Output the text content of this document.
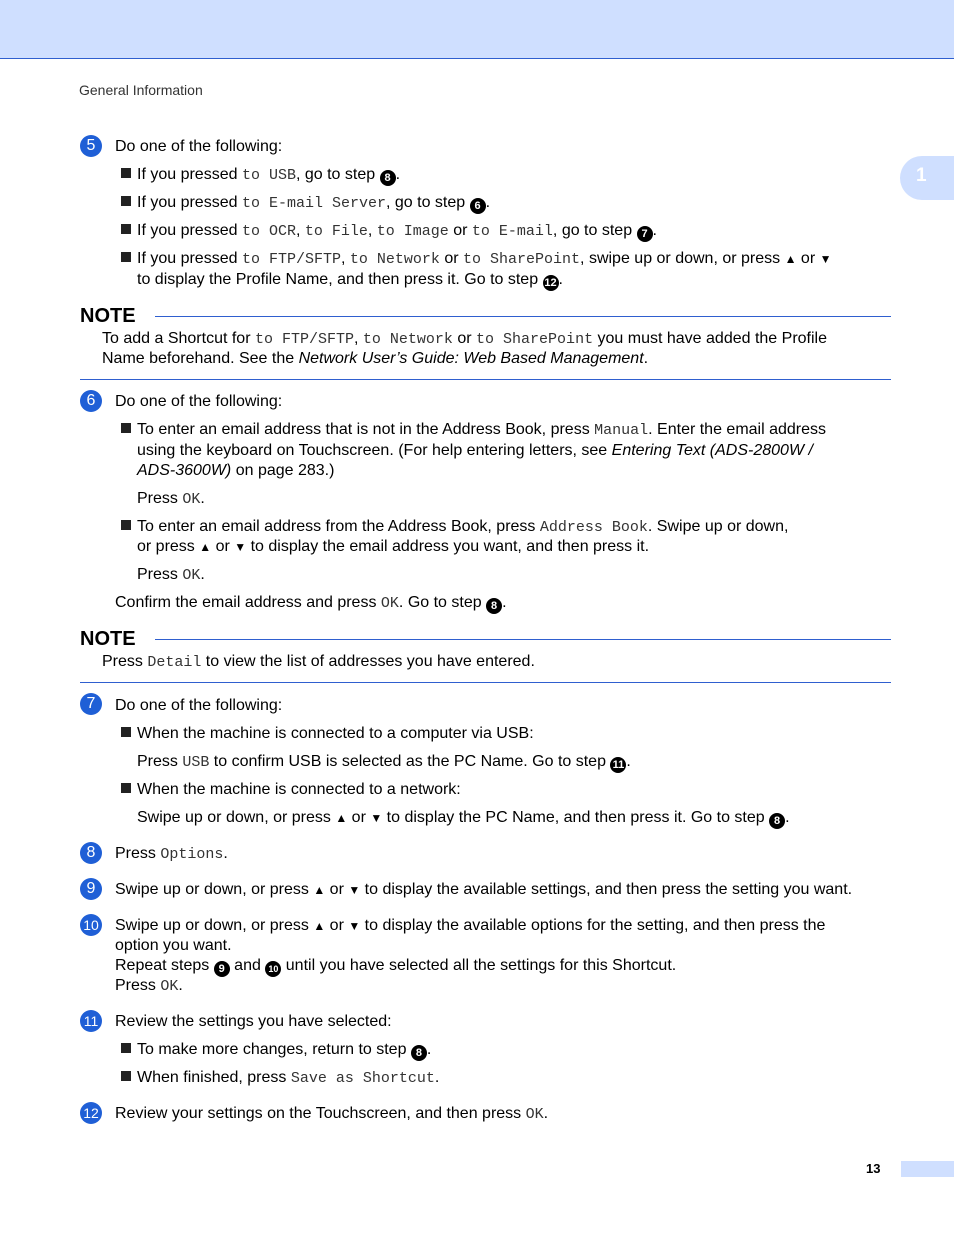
General Information
1
5	Do one of the following:
If you pressed to USB, go to step 8 .
If you pressed to E-mail Server, go to step 6 .
If you pressed to OCR, to File, to Image or to E-mail, go to step 7 .
If you pressed to FTP/SFTP, to Network or to SharePoint, swipe up or down, or press ▲ or ▼
to display the Profile Name, and then press it. Go to step 12 .
NOTE
To add a Shortcut for to FTP/SFTP, to Network or to SharePoint you must have added the Profile
Name beforehand. See the Network User’s Guide: Web Based Management.
6	Do one of the following:
To enter an email address that is not in the Address Book, press Manual. Enter the email address
using the keyboard on Touchscreen. (For help entering letters, see Entering Text (ADS-2800W /
ADS-3600W) on page 283.)
Press OK.
To enter an email address from the Address Book, press Address Book. Swipe up or down,
or press ▲ or ▼ to display the email address you want, and then press it.
Press OK.
Confirm the email address and press OK. Go to step 8 .
NOTE
Press Detail to view the list of addresses you have entered.
7	Do one of the following:
When the machine is connected to a computer via USB:
Press USB to confirm USB is selected as the PC Name. Go to step 11 .
When the machine is connected to a network:
Swipe up or down, or press ▲ or ▼ to display the PC Name, and then press it. Go to step 8 .
8	Press Options.
9	Swipe up or down, or press ▲ or ▼ to display the available settings, and then press the setting you want.
10 Swipe up or down, or press ▲ or ▼ to display the available options for the setting, and then press the
option you want.
Repeat steps 9 and 10 until you have selected all the settings for this Shortcut.
Press OK.
11 Review the settings you have selected:
To make more changes, return to step 8 .
When finished, press Save as Shortcut.
12 Review your settings on the Touchscreen, and then press OK.
13
